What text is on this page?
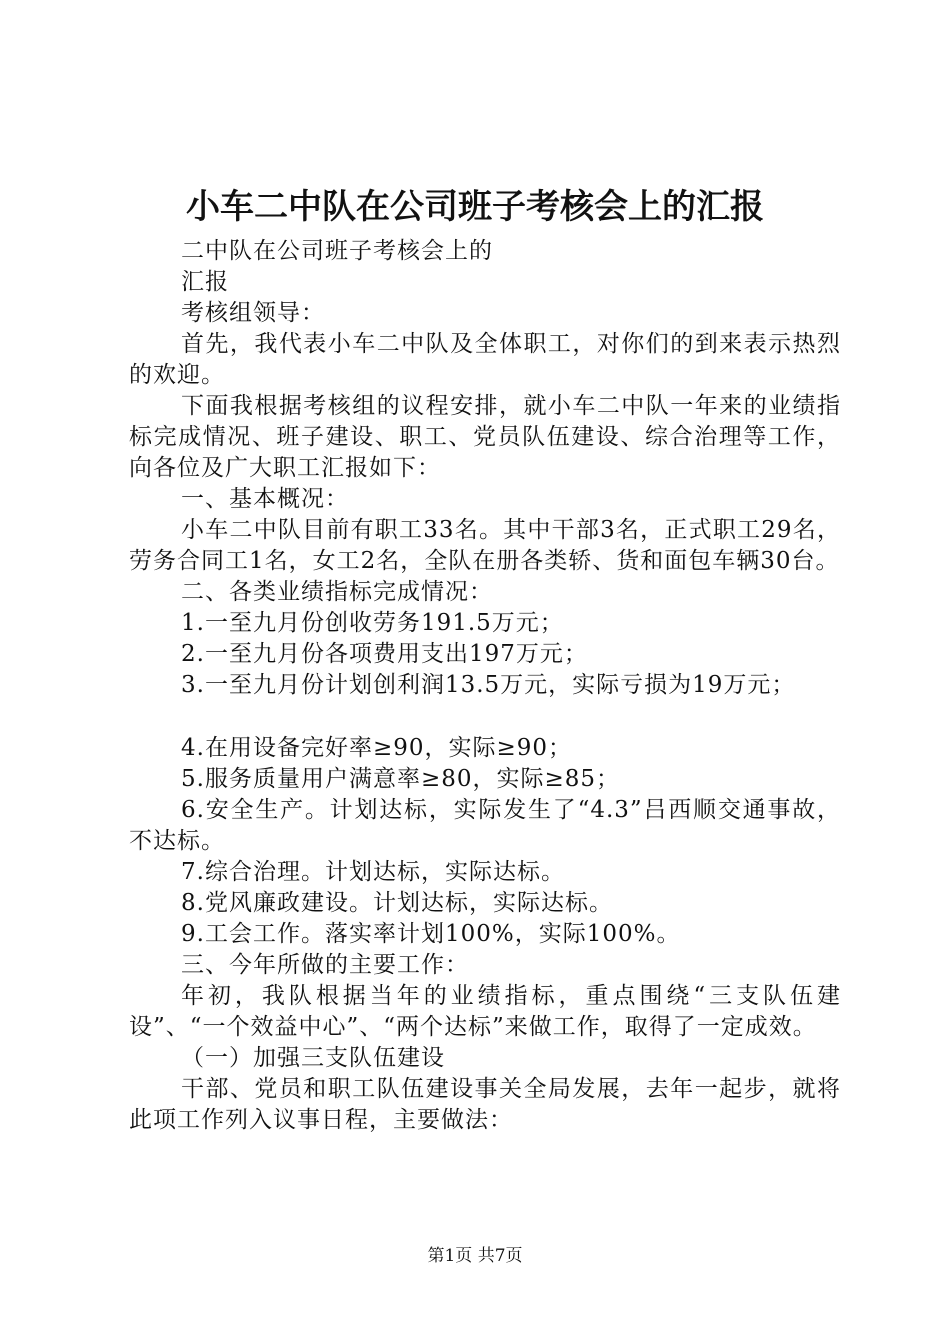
小车二中队在公司班子考核会上的汇报

二中队在公司班子考核会上的

汇报

考核组领导：

首先，我代表小车二中队及全体职工，对你们的到来表示热烈的欢迎。

下面我根据考核组的议程安排，就小车二中队一年来的业绩指标完成情况、班子建设、职工、党员队伍建设、综合治理等工作，向各位及广大职工汇报如下：

一、基本概况：

小车二中队目前有职工33名。其中干部3名，正式职工29名，劳务合同工1名，女工2名，全队在册各类轿、货和面包车辆30台。

二、各类业绩指标完成情况：

1.一至九月份创收劳务191.5万元；

2.一至九月份各项费用支出197万元；

3.一至九月份计划创利润13.5万元，实际亏损为19万元；

4.在用设备完好率≥90，实际≥90；

5.服务质量用户满意率≥80，实际≥85；

6.安全生产。计划达标，实际发生了“4.3”吕西顺交通事故，不达标。

7.综合治理。计划达标，实际达标。

8.党风廉政建设。计划达标，实际达标。

9.工会工作。落实率计划100%，实际100%。

三、今年所做的主要工作：

年初，我队根据当年的业绩指标，重点围绕“三支队伍建设”、“一个效益中心”、“两个达标”来做工作，取得了一定成效。

（一）加强三支队伍建设

干部、党员和职工队伍建设事关全局发展，去年一起步，就将此项工作列入议事日程，主要做法：

第1页 共7页
